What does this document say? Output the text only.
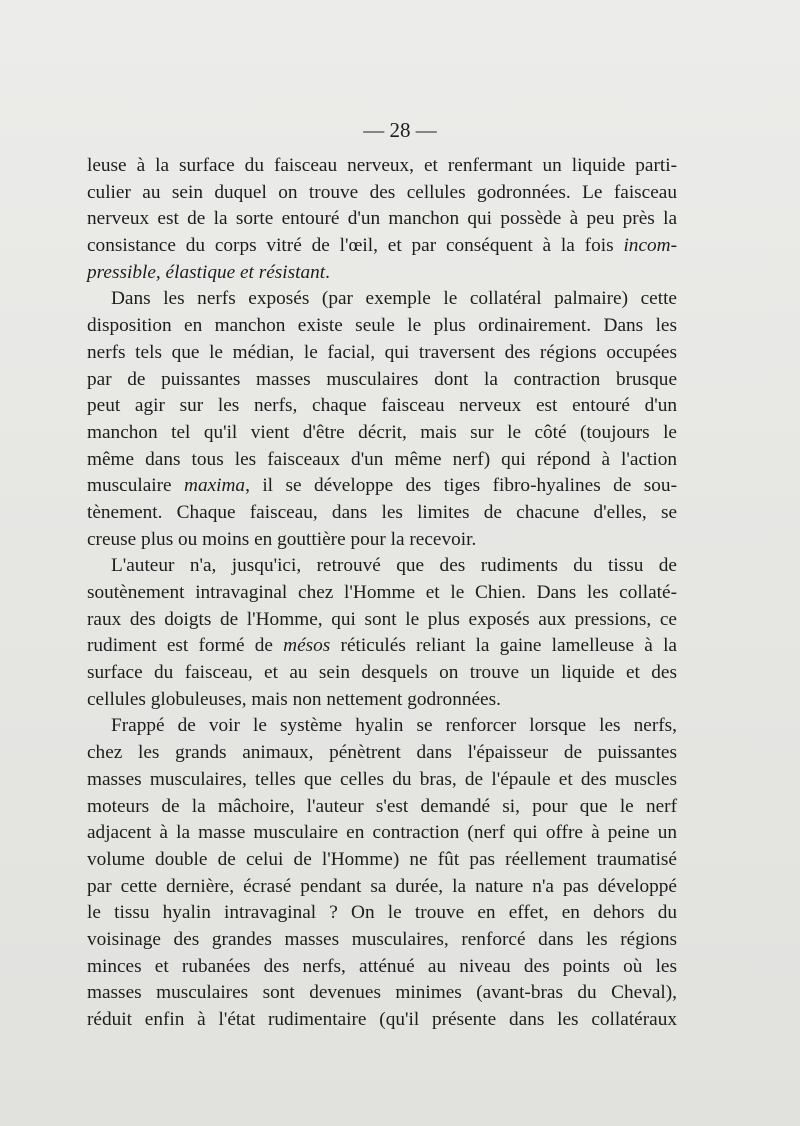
— 28 —
leuse à la surface du faisceau nerveux, et renfermant un liquide parti-
culier au sein duquel on trouve des cellules godronnées. Le faisceau
nerveux est de la sorte entouré d'un manchon qui possède à peu près la
consistance du corps vitré de l'œil, et par conséquent à la fois incom-
pressible, élastique et résistant.
Dans les nerfs exposés (par exemple le collatéral palmaire) cette
disposition en manchon existe seule le plus ordinairement. Dans les
nerfs tels que le médian, le facial, qui traversent des régions occupées
par de puissantes masses musculaires dont la contraction brusque
peut agir sur les nerfs, chaque faisceau nerveux est entouré d'un
manchon tel qu'il vient d'être décrit, mais sur le côté (toujours le
même dans tous les faisceaux d'un même nerf) qui répond à l'action
musculaire maxima, il se développe des tiges fibro-hyalines de sou-
tènement. Chaque faisceau, dans les limites de chacune d'elles, se
creuse plus ou moins en gouttière pour la recevoir.
L'auteur n'a, jusqu'ici, retrouvé que des rudiments du tissu de
soutènement intravaginal chez l'Homme et le Chien. Dans les collaté-
raux des doigts de l'Homme, qui sont le plus exposés aux pressions, ce
rudiment est formé de mésos réticulés reliant la gaine lamelleuse à la
surface du faisceau, et au sein desquels on trouve un liquide et des
cellules globuleuses, mais non nettement godronnées.
Frappé de voir le système hyalin se renforcer lorsque les nerfs,
chez les grands animaux, pénètrent dans l'épaisseur de puissantes
masses musculaires, telles que celles du bras, de l'épaule et des muscles
moteurs de la mâchoire, l'auteur s'est demandé si, pour que le nerf
adjacent à la masse musculaire en contraction (nerf qui offre à peine un
volume double de celui de l'Homme) ne fût pas réellement traumatisé
par cette dernière, écrasé pendant sa durée, la nature n'a pas développé
le tissu hyalin intravaginal ? On le trouve en effet, en dehors du
voisinage des grandes masses musculaires, renforcé dans les régions
minces et rubanées des nerfs, atténué au niveau des points où les
masses musculaires sont devenues minimes (avant-bras du Cheval),
réduit enfin à l'état rudimentaire (qu'il présente dans les collatéraux
